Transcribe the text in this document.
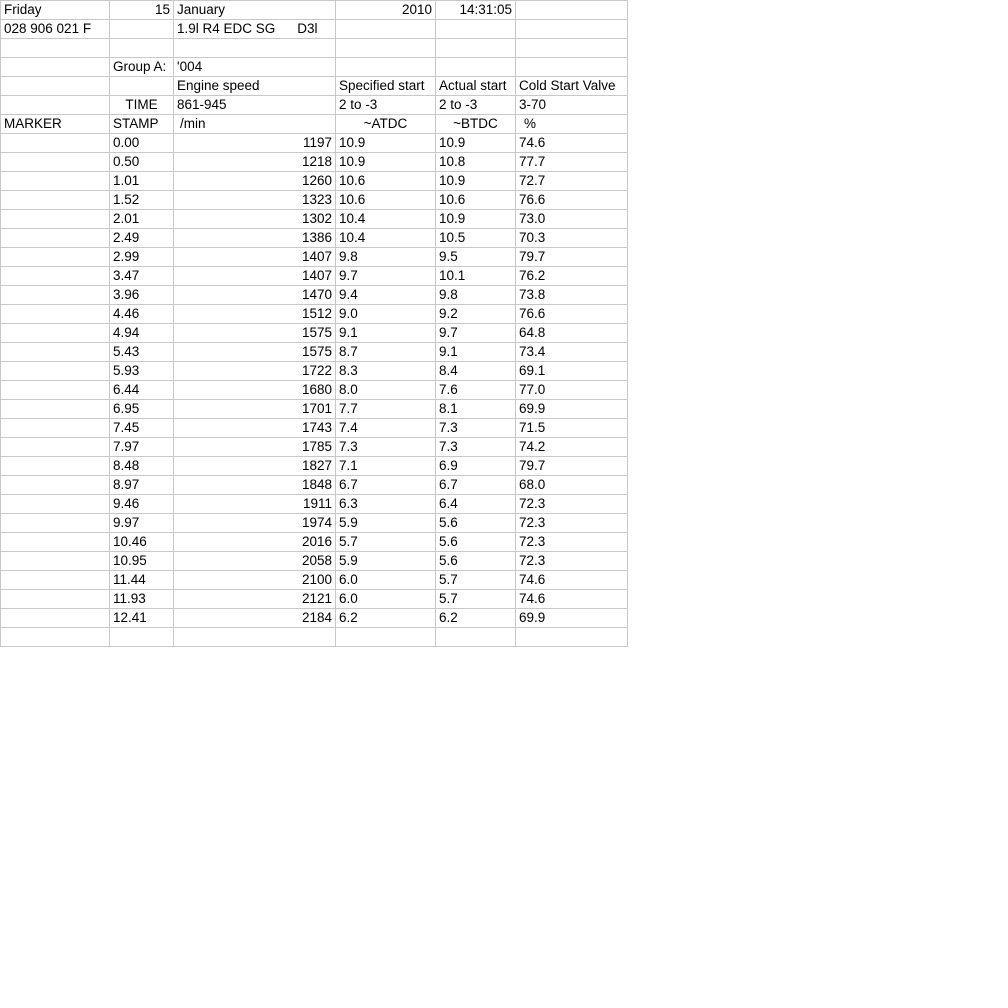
Friday	15	January	2010	14:31:05	
028 906 021 F		1.9l R4 EDC SG D3l			

	Group A:	'004			
		Engine speed	Specified start	Actual start	Cold Start Valve
	TIME	861-945	2 to -3	2 to -3	3-70
MARKER	STAMP	/min	~ATDC	~BTDC	%
	0.00	1197	10.9	10.9	74.6
	0.50	1218	10.9	10.8	77.7
	1.01	1260	10.6	10.9	72.7
	1.52	1323	10.6	10.6	76.6
	2.01	1302	10.4	10.9	73.0
	2.49	1386	10.4	10.5	70.3
	2.99	1407	9.8	9.5	79.7
	3.47	1407	9.7	10.1	76.2
	3.96	1470	9.4	9.8	73.8
	4.46	1512	9.0	9.2	76.6
	4.94	1575	9.1	9.7	64.8
	5.43	1575	8.7	9.1	73.4
	5.93	1722	8.3	8.4	69.1
	6.44	1680	8.0	7.6	77.0
	6.95	1701	7.7	8.1	69.9
	7.45	1743	7.4	7.3	71.5
	7.97	1785	7.3	7.3	74.2
	8.48	1827	7.1	6.9	79.7
	8.97	1848	6.7	6.7	68.0
	9.46	1911	6.3	6.4	72.3
	9.97	1974	5.9	5.6	72.3
	10.46	2016	5.7	5.6	72.3
	10.95	2058	5.9	5.6	72.3
	11.44	2100	6.0	5.7	74.6
	11.93	2121	6.0	5.7	74.6
	12.41	2184	6.2	6.2	69.9
